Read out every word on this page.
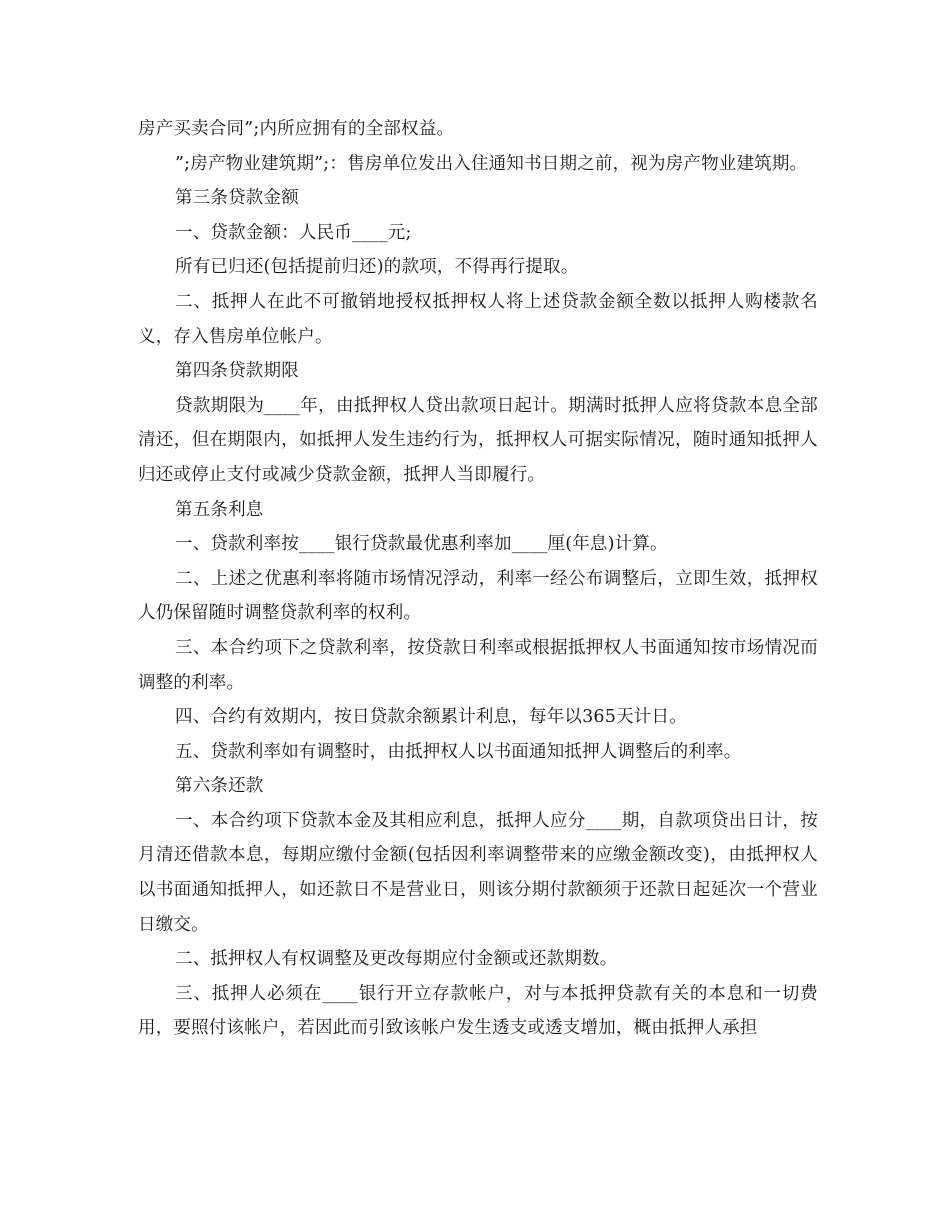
房产买卖合同”;内所应拥有的全部权益。

”;房产物业建筑期”;：售房单位发出入住通知书日期之前，视为房产物业建筑期。

第三条贷款金额

一、贷款金额：人民币____元;

所有已归还(包括提前归还)的款项，不得再行提取。

二、抵押人在此不可撤销地授权抵押权人将上述贷款金额全数以抵押人购楼款名义，存入售房单位帐户。

第四条贷款期限

贷款期限为____年，由抵押权人贷出款项日起计。期满时抵押人应将贷款本息全部清还，但在期限内，如抵押人发生违约行为，抵押权人可据实际情况，随时通知抵押人归还或停止支付或减少贷款金额，抵押人当即履行。

第五条利息

一、贷款利率按____银行贷款最优惠利率加____厘(年息)计算。

二、上述之优惠利率将随市场情况浮动，利率一经公布调整后，立即生效，抵押权人仍保留随时调整贷款利率的权利。

三、本合约项下之贷款利率，按贷款日利率或根据抵押权人书面通知按市场情况而调整的利率。

四、合约有效期内，按日贷款余额累计利息，每年以365天计日。

五、贷款利率如有调整时，由抵押权人以书面通知抵押人调整后的利率。

第六条还款

一、本合约项下贷款本金及其相应利息，抵押人应分____期，自款项贷出日计，按月清还借款本息，每期应缴付金额(包括因利率调整带来的应缴金额改变)，由抵押权人以书面通知抵押人，如还款日不是营业日，则该分期付款额须于还款日起延次一个营业日缴交。

二、抵押权人有权调整及更改每期应付金额或还款期数。

三、抵押人必须在____银行开立存款帐户，对与本抵押贷款有关的本息和一切费用，要照付该帐户，若因此而引致该帐户发生透支或透支增加，概由抵押人承担
